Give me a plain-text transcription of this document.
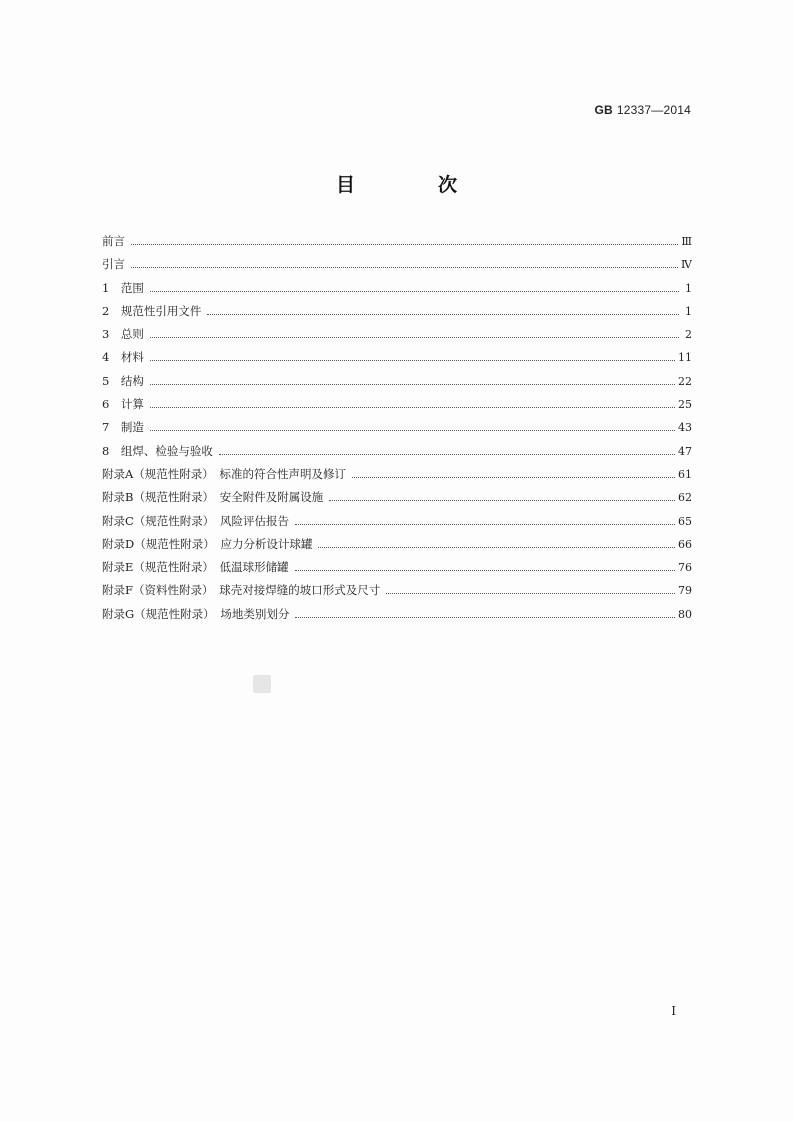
GB 12337—2014
目　次
前言	Ⅲ
引言	Ⅳ
1　范围	1
2　规范性引用文件	1
3　总则	2
4　材料	11
5　结构	22
6　计算	25
7　制造	43
8　组焊、检验与验收	47
附录A（规范性附录）　标准的符合性声明及修订	61
附录B（规范性附录）　安全附件及附属设施	62
附录C（规范性附录）　风险评估报告	65
附录D（规范性附录）　应力分析设计球罐	66
附录E（规范性附录）　低温球形储罐	76
附录F（资料性附录）　球壳对接焊缝的坡口形式及尺寸	79
附录G（规范性附录）　场地类别划分	80
Ⅰ
